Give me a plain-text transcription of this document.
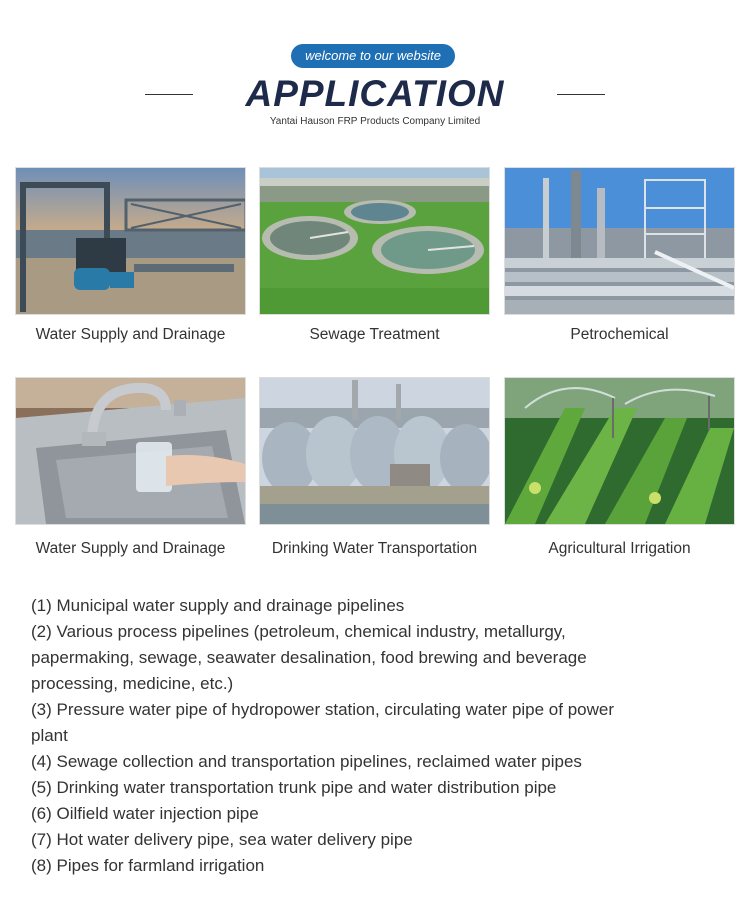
welcome to our website
APPLICATION
Yantai Hauson FRP Products Company Limited
Water Supply and Drainage	Sewage Treatment	Petrochemical
Water Supply and Drainage	Drinking Water Transportation	Agricultural Irrigation
(1) Municipal water supply and drainage pipelines
(2) Various process pipelines (petroleum, chemical industry, metallurgy,
papermaking, sewage, seawater desalination, food brewing and beverage
processing, medicine, etc.)
(3) Pressure water pipe of hydropower station, circulating water pipe of power
plant
(4) Sewage collection and transportation pipelines, reclaimed water pipes
(5) Drinking water transportation trunk pipe and water distribution pipe
(6) Oilfield water injection pipe
(7) Hot water delivery pipe, sea water delivery pipe
(8) Pipes for farmland irrigation
